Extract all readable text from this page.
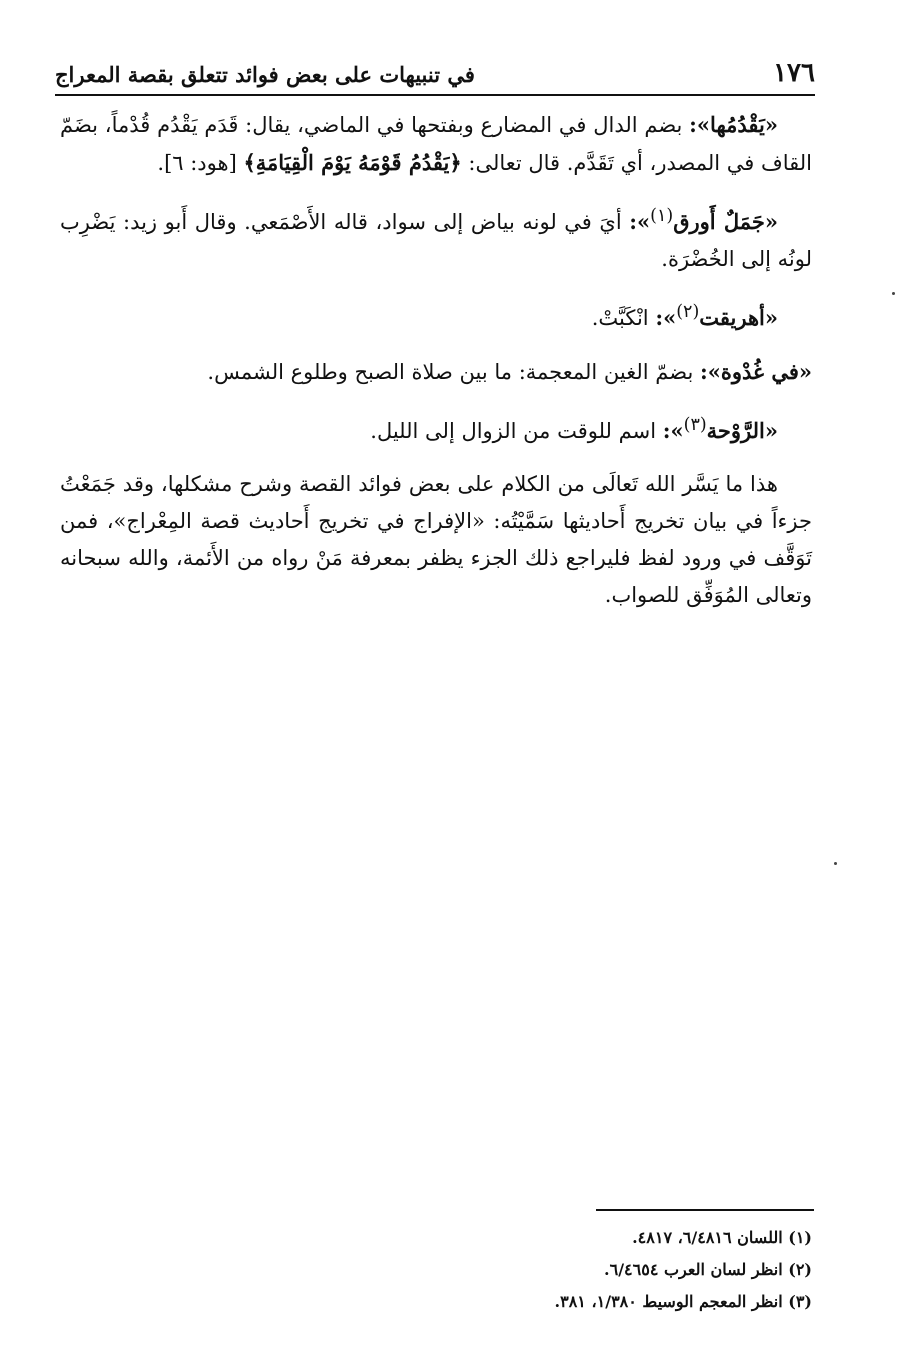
١٧٦
في تنبيهات على بعض فوائد تتعلق بقصة المعراج

«يَقْدُمُها»: بضم الدال في المضارع وبفتحها في الماضي، يقال: قَدَم يَقْدُم قُدْماً، بضَمّ القاف في المصدر، أي تَقَدَّم. قال تعالى: ﴿يَقْدُمُ قَوْمَهُ يَوْمَ الْقِيَامَةِ﴾ [هود: ٦].

«جَمَلٌ أَورق$^{(١)}$»: أيَ في لونه بياض إلى سواد، قاله الأَصْمَعي. وقال أَبو زيد: يَضْرِب لونُه إلى الخُضْرَة.

«أهريقت$^{(٢)}$»: انْكَبَّتْ.

«في غُدْوة»: بضمّ الغين المعجمة: ما بين صلاة الصبح وطلوع الشمس.

«الرَّوْحة$^{(٣)}$»: اسم للوقت من الزوال إلى الليل.

هذا ما يَسَّر الله تَعالَى من الكلام على بعض فوائد القصة وشرح مشكلها، وقد جَمَعْتُ جزءاً في بيان تخريج أَحاديثها سَمَّيْتُه: «الإفراج في تخريج أَحاديث قصة المِعْراج»، فمن تَوَقَّف في ورود لفظ فليراجع ذلك الجزء يظفر بمعرفة مَنْ رواه من الأَئمة، والله سبحانه وتعالى المُوَفِّق للصواب.

(١) اللسان ٦/٤٨١٦، ٤٨١٧.

(٢) انظر لسان العرب ٦/٤٦٥٤.

(٣) انظر المعجم الوسيط ١/٣٨٠، ٣٨١.
